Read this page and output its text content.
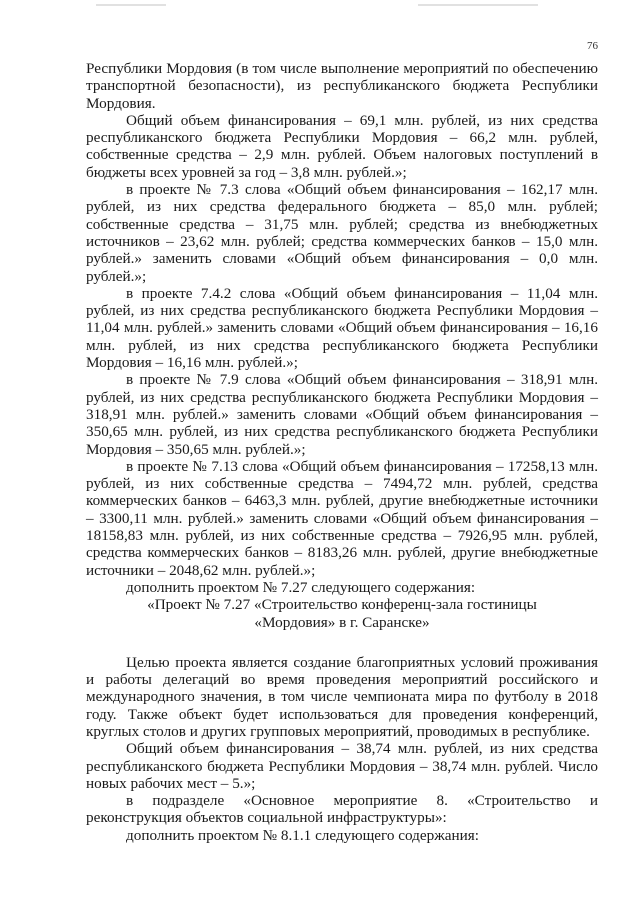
76

Республики Мордовия (в том числе выполнение мероприятий по обеспечению транспортной безопасности), из республиканского бюджета Республики Мордовия.

Общий объем финансирования – 69,1 млн. рублей, из них средства республиканского бюджета Республики Мордовия – 66,2 млн. рублей, собственные средства – 2,9 млн. рублей. Объем налоговых поступлений в бюджеты всех уровней за год – 3,8 млн. рублей.»;

в проекте № 7.3 слова «Общий объем финансирования – 162,17 млн. рублей, из них средства федерального бюджета – 85,0 млн. рублей; собственные средства – 31,75 млн. рублей; средства из внебюджетных источников – 23,62 млн. рублей; средства коммерческих банков – 15,0 млн. рублей.» заменить словами «Общий объем финансирования – 0,0 млн. рублей.»;

в проекте 7.4.2 слова «Общий объем финансирования – 11,04 млн. рублей, из них средства республиканского бюджета Республики Мордовия – 11,04 млн. рублей.» заменить словами «Общий объем финансирования – 16,16 млн. рублей, из них средства республиканского бюджета Республики Мордовия – 16,16 млн. рублей.»;

в проекте № 7.9 слова «Общий объем финансирования – 318,91 млн. рублей, из них средства республиканского бюджета Республики Мордовия – 318,91 млн. рублей.» заменить словами «Общий объем финансирования – 350,65 млн. рублей, из них средства республиканского бюджета Республики Мордовия – 350,65 млн. рублей.»;

в проекте № 7.13 слова «Общий объем финансирования – 17258,13 млн. рублей, из них собственные средства – 7494,72 млн. рублей, средства коммерческих банков – 6463,3 млн. рублей, другие внебюджетные источники – 3300,11 млн. рублей.» заменить словами «Общий объем финансирования – 18158,83 млн. рублей, из них собственные средства – 7926,95 млн. рублей, средства коммерческих банков – 8183,26 млн. рублей, другие внебюджетные источники – 2048,62 млн. рублей.»;

дополнить проектом № 7.27 следующего содержания:

«Проект № 7.27 «Строительство конференц-зала гостиницы

«Мордовия» в г. Саранске»

Целью проекта является создание благоприятных условий проживания и работы делегаций во время проведения мероприятий российского и международного значения, в том числе чемпионата мира по футболу в 2018 году. Также объект будет использоваться для проведения конференций, круглых столов и других групповых мероприятий, проводимых в республике.

Общий объем финансирования – 38,74 млн. рублей, из них средства республиканского бюджета Республики Мордовия – 38,74 млн. рублей. Число новых рабочих мест – 5.»;

в подразделе «Основное мероприятие 8. «Строительство и реконструкция объектов социальной инфраструктуры»:

дополнить проектом № 8.1.1 следующего содержания:
